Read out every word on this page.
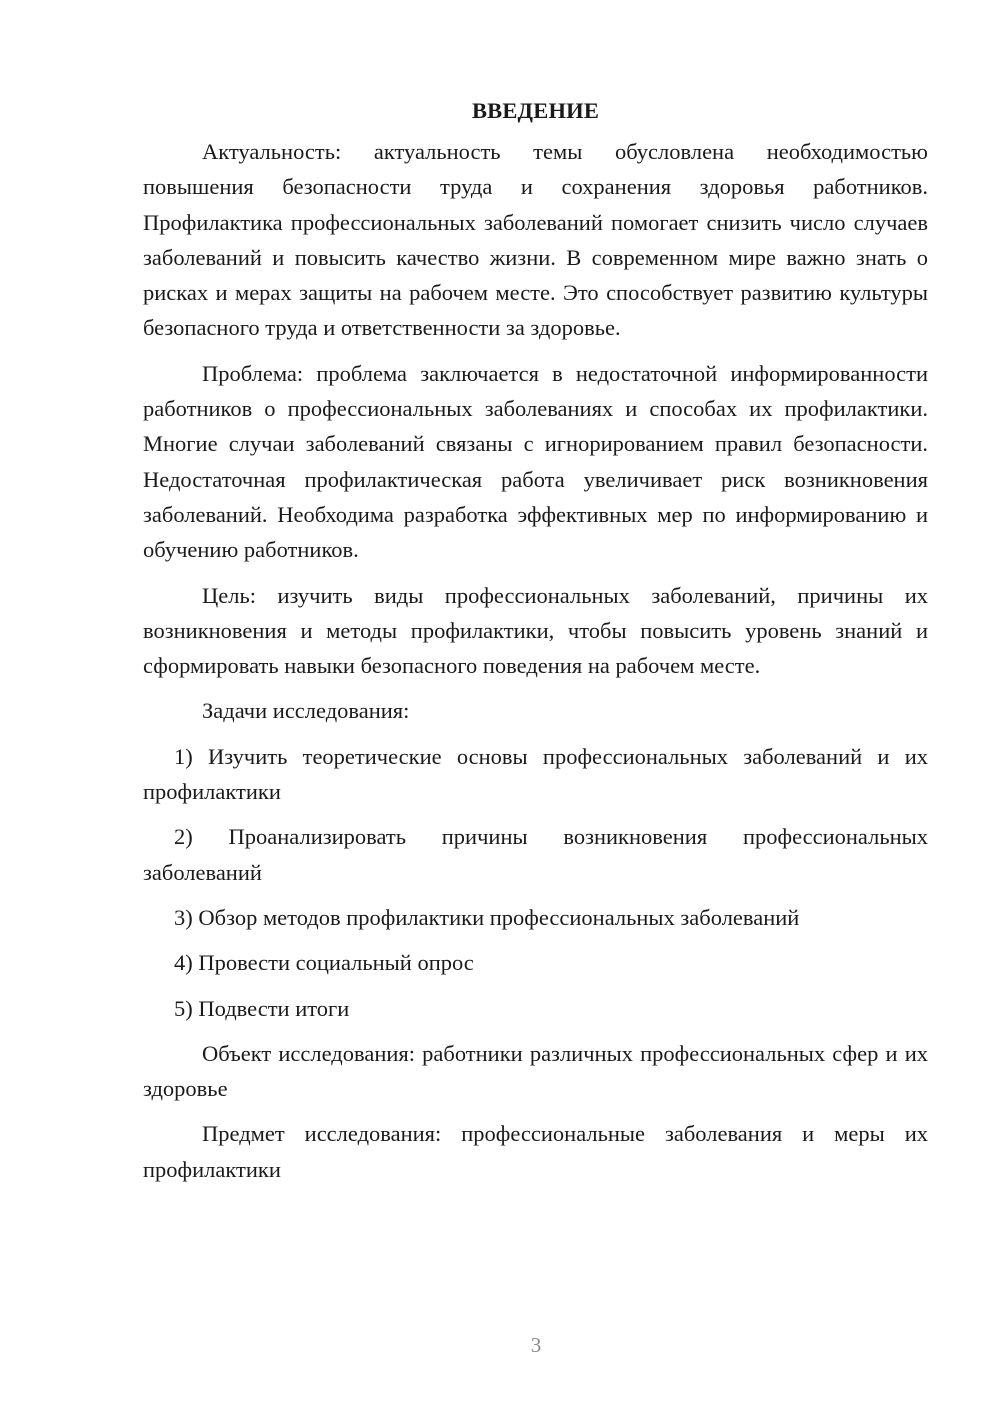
ВВЕДЕНИЕ

Актуальность: актуальность темы обусловлена необходимостью повышения безопасности труда и сохранения здоровья работников. Профилактика профессиональных заболеваний помогает снизить число случаев заболеваний и повысить качество жизни. В современном мире важно знать о рисках и мерах защиты на рабочем месте. Это способствует развитию культуры безопасного труда и ответственности за здоровье.

Проблема: проблема заключается в недостаточной информированности работников о профессиональных заболеваниях и способах их профилактики. Многие случаи заболеваний связаны с игнорированием правил безопасности. Недостаточная профилактическая работа увеличивает риск возникновения заболеваний. Необходима разработка эффективных мер по информированию и обучению работников.

Цель: изучить виды профессиональных заболеваний, причины их возникновения и методы профилактики, чтобы повысить уровень знаний и сформировать навыки безопасного поведения на рабочем месте.

Задачи исследования:

1) Изучить теоретические основы профессиональных заболеваний и их профилактики

2) Проанализировать причины возникновения профессиональных заболеваний

3) Обзор методов профилактики профессиональных заболеваний

4) Провести социальный опрос

5) Подвести итоги

Объект исследования: работники различных профессиональных сфер и их здоровье

Предмет исследования: профессиональные заболевания и меры их профилактики

3
